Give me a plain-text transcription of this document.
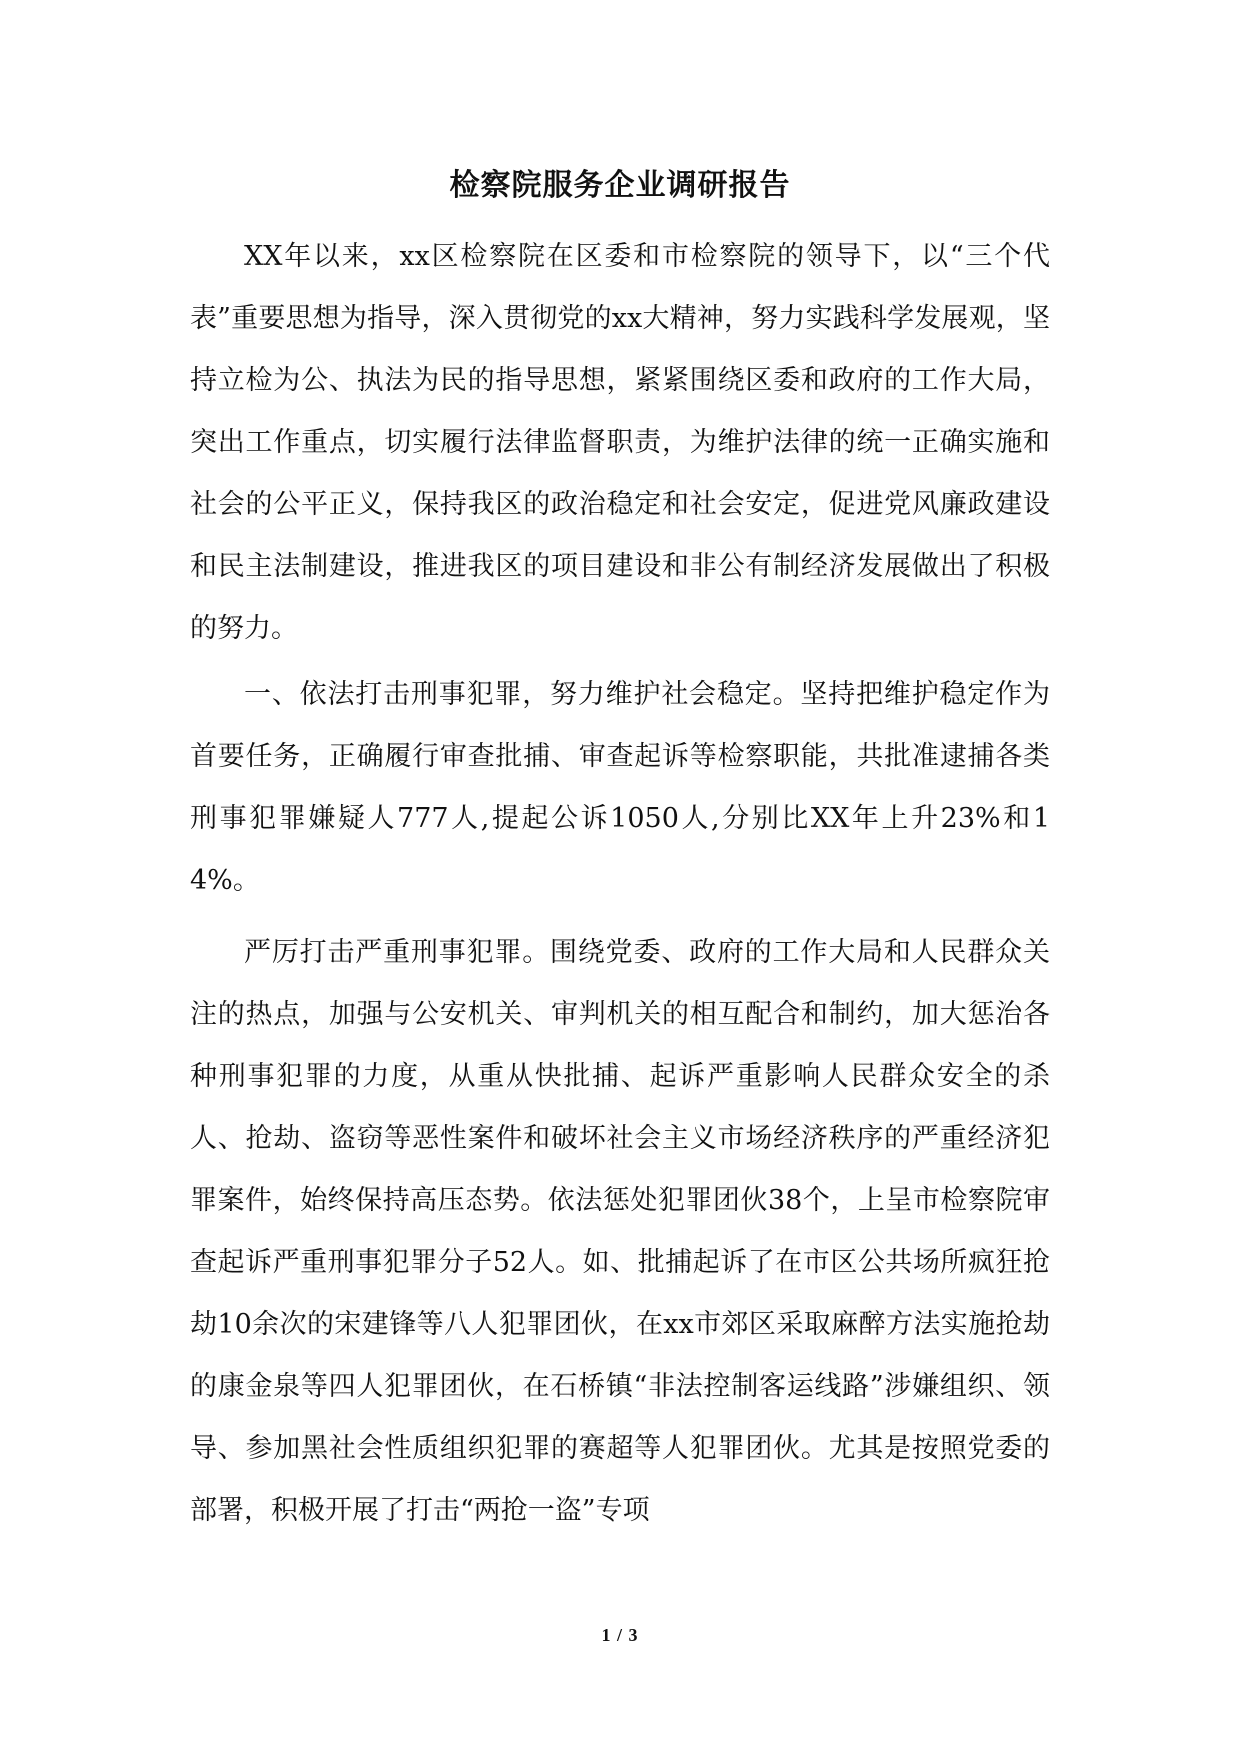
检察院服务企业调研报告

XX年以来，xx区检察院在区委和市检察院的领导下，以“三个代表”重要思想为指导，深入贯彻党的xx大精神，努力实践科学发展观，坚持立检为公、执法为民的指导思想，紧紧围绕区委和政府的工作大局，突出工作重点，切实履行法律监督职责，为维护法律的统一正确实施和社会的公平正义，保持我区的政治稳定和社会安定，促进党风廉政建设和民主法制建设，推进我区的项目建设和非公有制经济发展做出了积极的努力。

一、依法打击刑事犯罪，努力维护社会稳定。坚持把维护稳定作为首要任务，正确履行审查批捕、审查起诉等检察职能，共批准逮捕各类刑事犯罪嫌疑人777人,提起公诉1050人,分别比XX年上升23%和14%。

严厉打击严重刑事犯罪。围绕党委、政府的工作大局和人民群众关注的热点，加强与公安机关、审判机关的相互配合和制约，加大惩治各种刑事犯罪的力度，从重从快批捕、起诉严重影响人民群众安全的杀人、抢劫、盗窃等恶性案件和破坏社会主义市场经济秩序的严重经济犯罪案件，始终保持高压态势。依法惩处犯罪团伙38个，上呈市检察院审查起诉严重刑事犯罪分子52人。如、批捕起诉了在市区公共场所疯狂抢劫10余次的宋建锋等八人犯罪团伙，在xx市郊区采取麻醉方法实施抢劫的康金泉等四人犯罪团伙，在石桥镇“非法控制客运线路”涉嫌组织、领导、参加黑社会性质组织犯罪的赛超等人犯罪团伙。尤其是按照党委的部署，积极开展了打击“两抢一盗”专项

1 / 3
